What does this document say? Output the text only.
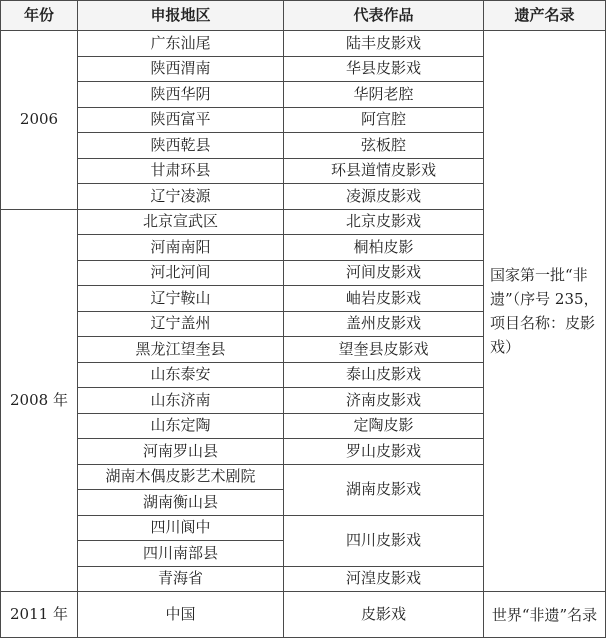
年份	申报地区	代表作品	遗产名录
2006	广东汕尾	陆丰皮影戏	国家第一批“非遗”（序号 235，项目名称：皮影戏）
	陕西渭南	华县皮影戏	
	陕西华阴	华阴老腔	
	陕西富平	阿宫腔	
	陕西乾县	弦板腔	
	甘肃环县	环县道情皮影戏	
	辽宁凌源	凌源皮影戏	
2008 年	北京宣武区	北京皮影戏	
	河南南阳	桐柏皮影	
	河北河间	河间皮影戏	
	辽宁鞍山	岫岩皮影戏	
	辽宁盖州	盖州皮影戏	
	黑龙江望奎县	望奎县皮影戏	
	山东泰安	泰山皮影戏	
	山东济南	济南皮影戏	
	山东定陶	定陶皮影	
	河南罗山县	罗山皮影戏	
	湖南木偶皮影艺术剧院	湖南皮影戏	
	湖南衡山县		
	四川阆中	四川皮影戏	
	四川南部县		
	青海省	河湟皮影戏	
2011 年	中国	皮影戏	世界“非遗”名录
